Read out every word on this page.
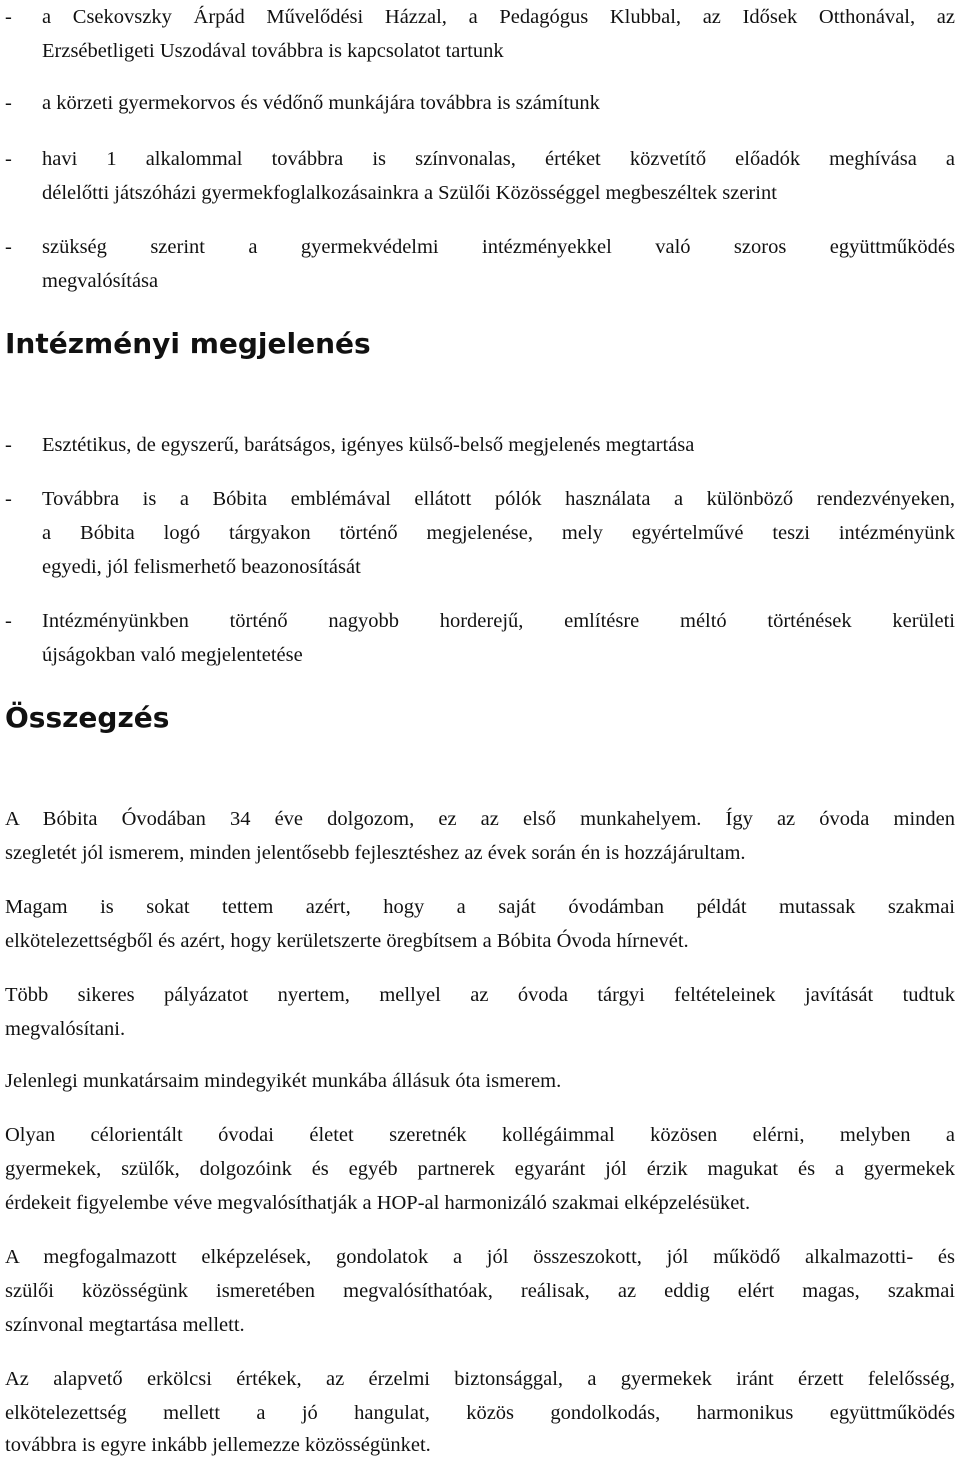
- a Csekovszky Árpád Művelődési Házzal, a Pedagógus Klubbal, az Idősek Otthonával, az
Erzsébetligeti Uszodával továbbra is kapcsolatot tartunk
- a körzeti gyermekorvos és védőnő munkájára továbbra is számítunk
- havi 1 alkalommal továbbra is színvonalas, értéket közvetítő előadók meghívása a
délelőtti játszóházi gyermekfoglalkozásainkra a Szülői Közösséggel megbeszéltek szerint
- szükség szerint a gyermekvédelmi intézményekkel való szoros együttműködés
megvalósítása
Intézményi megjelenés
- Esztétikus, de egyszerű, barátságos, igényes külső-belső megjelenés megtartása
- Továbbra is a Bóbita emblémával ellátott pólók használata a különböző rendezvényeken,
a Bóbita logó tárgyakon történő megjelenése, mely egyértelművé teszi intézményünk
egyedi, jól felismerhető beazonosítását
- Intézményünkben történő nagyobb horderejű, említésre méltó történések kerületi
újságokban való megjelentetése
Összegzés
A Bóbita Óvodában 34 éve dolgozom, ez az első munkahelyem. Így az óvoda minden
szegletét jól ismerem, minden jelentősebb fejlesztéshez az évek során én is hozzájárultam.
Magam is sokat tettem azért, hogy a saját óvodámban példát mutassak szakmai
elkötelezettségből és azért, hogy kerületszerte öregbítsem a Bóbita Óvoda hírnevét.
Több sikeres pályázatot nyertem, mellyel az óvoda tárgyi feltételeinek javítását tudtuk
megvalósítani.
Jelenlegi munkatársaim mindegyikét munkába állásuk óta ismerem.
Olyan célorientált óvodai életet szeretnék kollégáimmal közösen elérni, melyben a
gyermekek, szülők, dolgozóink és egyéb partnerek egyaránt jól érzik magukat és a gyermekek
érdekeit figyelembe véve megvalósíthatják a HOP-al harmonizáló szakmai elképzelésüket.
A megfogalmazott elképzelések, gondolatok a jól összeszokott, jól működő alkalmazotti- és
szülői közösségünk ismeretében megvalósíthatóak, reálisak, az eddig elért magas, szakmai
színvonal megtartása mellett.
Az alapvető erkölcsi értékek, az érzelmi biztonsággal, a gyermekek iránt érzett felelősség,
elkötelezettség mellett a jó hangulat, közös gondolkodás, harmonikus együttműködés
továbbra is egyre inkább jellemezze közösségünket.
